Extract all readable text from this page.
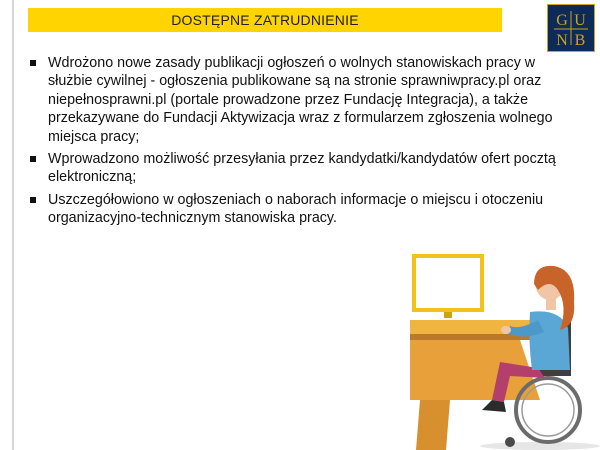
DOSTĘPNE ZATRUDNIENIE	G U
N B
Wdrożono nowe zasady publikacji ogłoszeń o wolnych stanowiskach pracy w służbie cywilnej - ogłoszenia publikowane są na stronie sprawniwpracy.pl oraz niepełnosprawni.pl (portale prowadzone przez Fundację Integracja), a także przekazywane do Fundacji Aktywizacja wraz z formularzem zgłoszenia wolnego miejsca pracy;
Wprowadzono możliwość przesyłania przez kandydatki/kandydatów ofert pocztą elektroniczną;
Uszczegółowiono w ogłoszeniach o naborach informacje o miejscu i otoczeniu organizacyjno-technicznym stanowiska pracy.
